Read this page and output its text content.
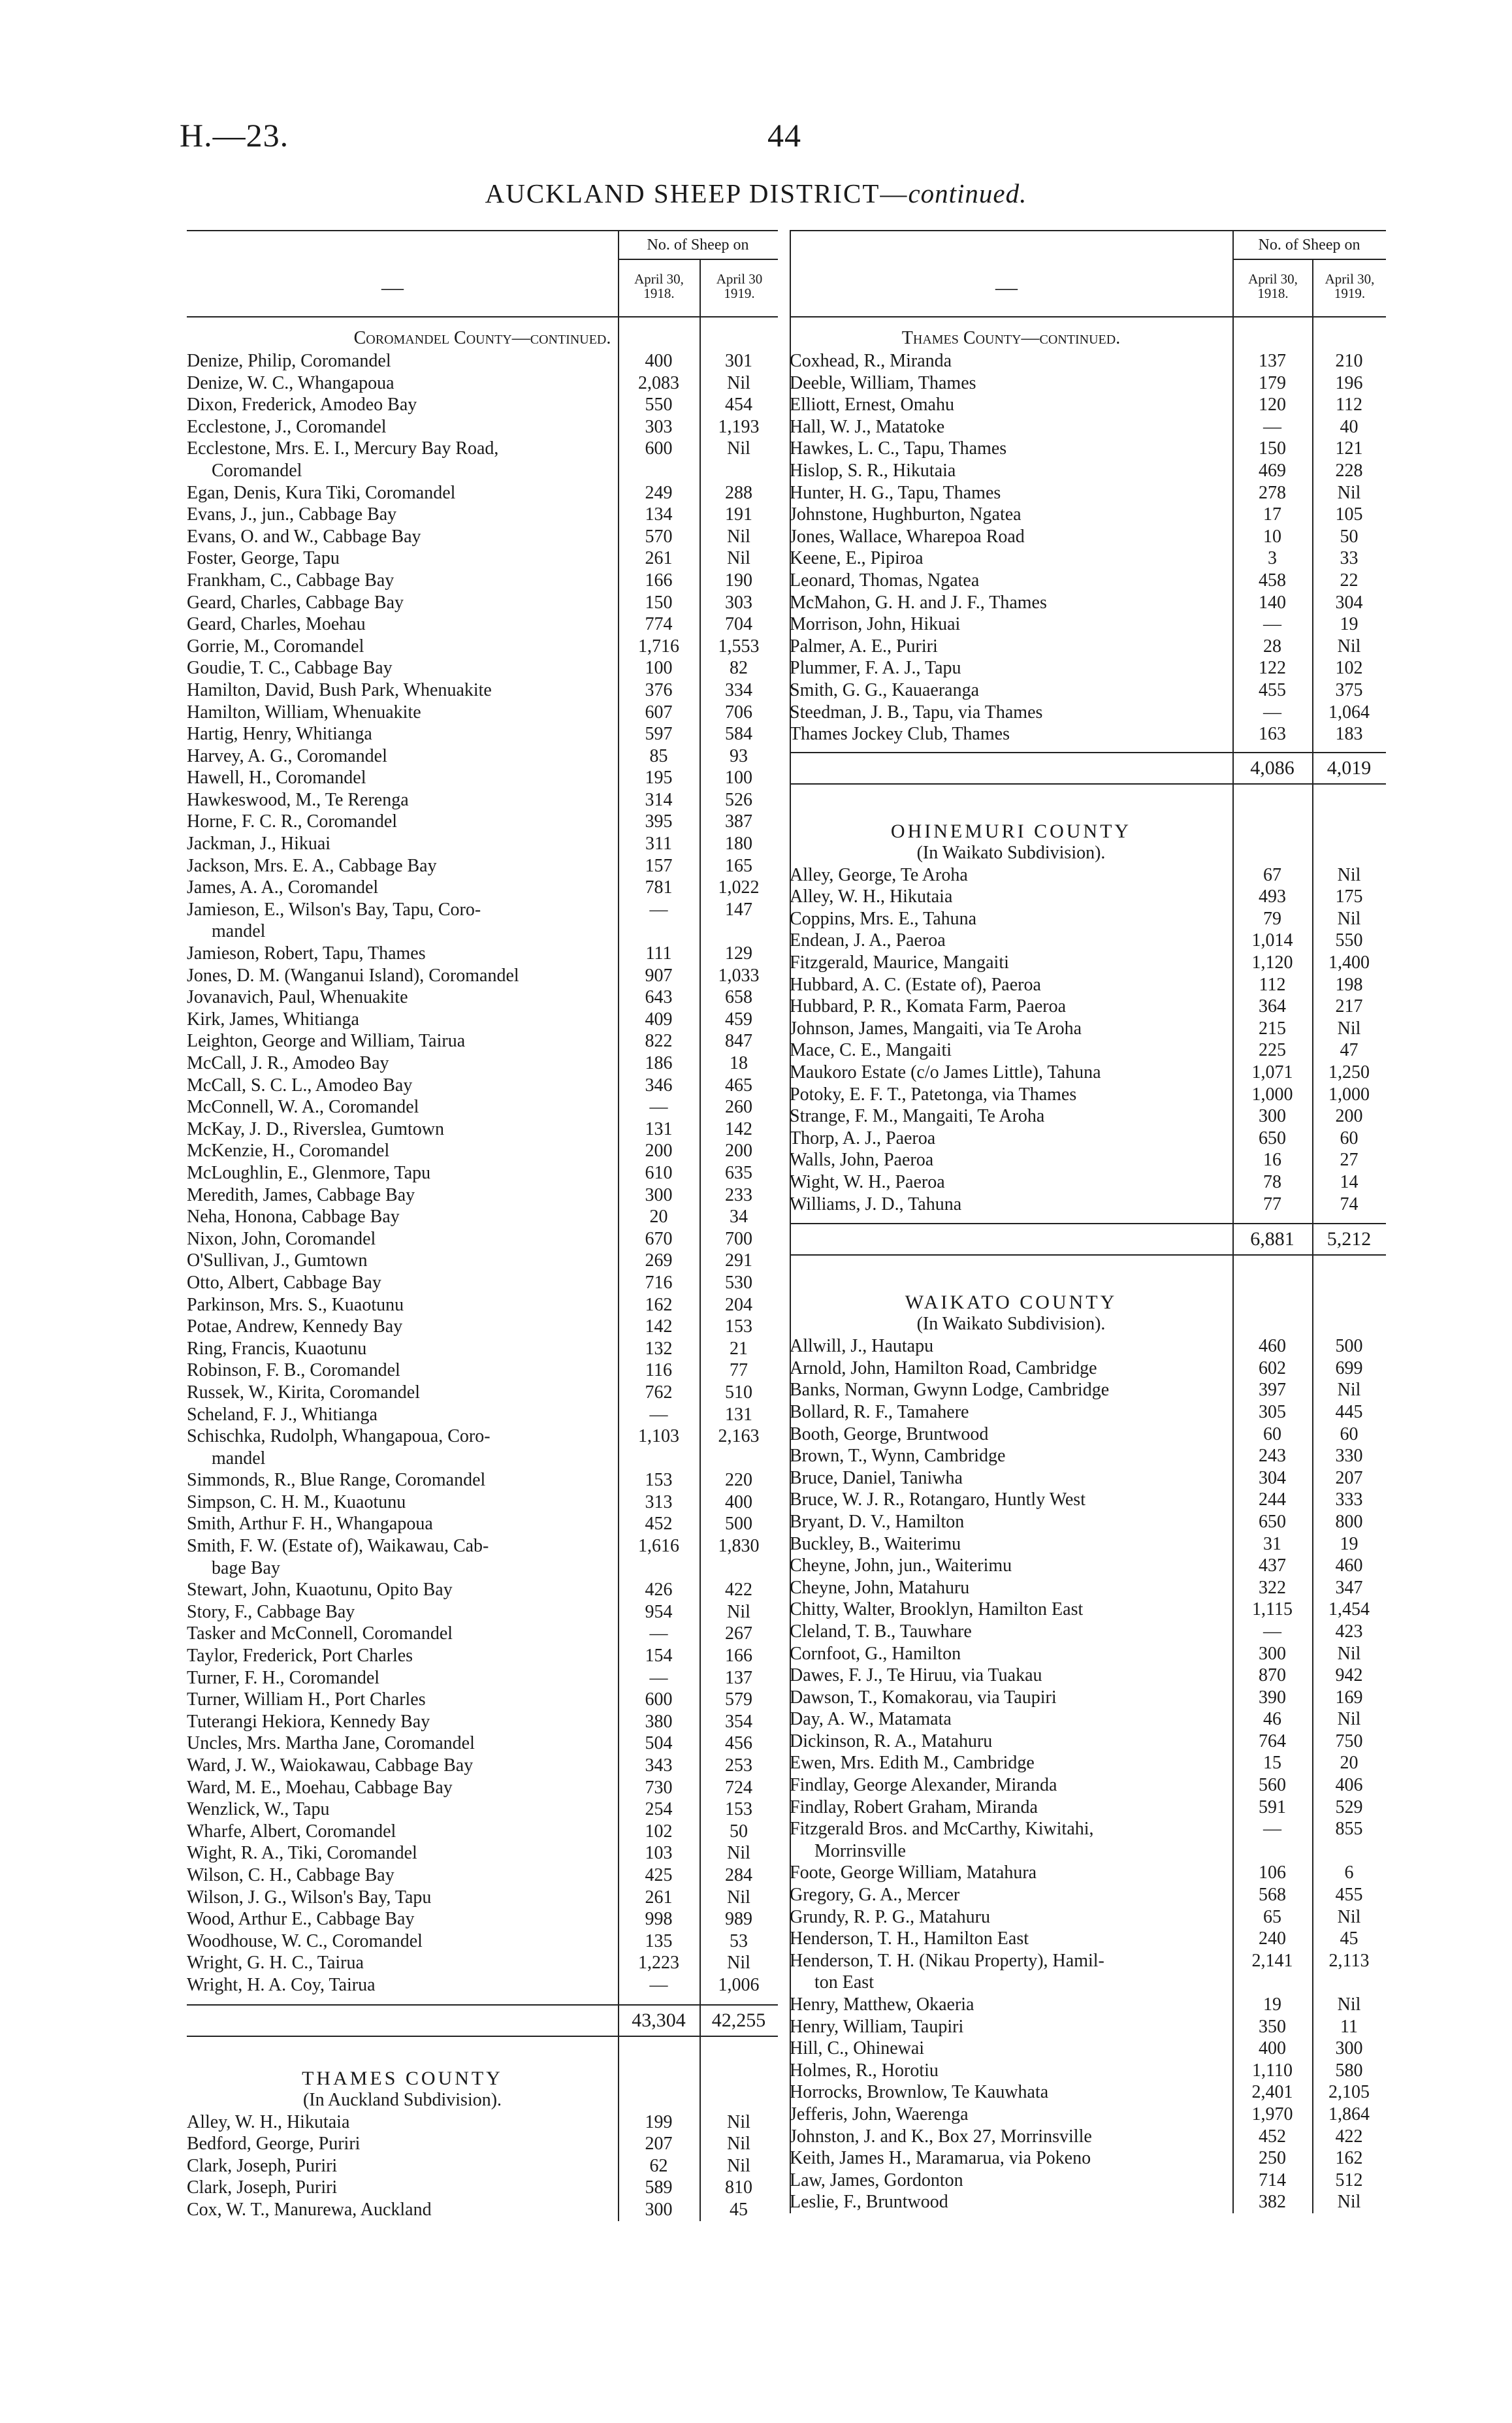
H.—23.	44
AUCKLAND SHEEP DISTRICT—continued.
—
No. of Sheep on
April 30, 1918.
April 30 1919.
Coromandel County—continued.
Denize, Philip, Coromandel	400	301
Denize, W. C., Whangapoua	2,083	Nil
Dixon, Frederick, Amodeo Bay	550	454
Ecclestone, J., Coromandel	303	1,193
Ecclestone, Mrs. E. I., Mercury Bay Road,	600	Nil
Coromandel
Egan, Denis, Kura Tiki, Coromandel	249	288
Evans, J., jun., Cabbage Bay	134	191
Evans, O. and W., Cabbage Bay	570	Nil
Foster, George, Tapu	261	Nil
Frankham, C., Cabbage Bay	166	190
Geard, Charles, Cabbage Bay	150	303
Geard, Charles, Moehau	774	704
Gorrie, M., Coromandel	1,716	1,553
Goudie, T. C., Cabbage Bay	100	82
Hamilton, David, Bush Park, Whenuakite	376	334
Hamilton, William, Whenuakite	607	706
Hartig, Henry, Whitianga	597	584
Harvey, A. G., Coromandel	85	93
Hawell, H., Coromandel	195	100
Hawkeswood, M., Te Rerenga	314	526
Horne, F. C. R., Coromandel	395	387
Jackman, J., Hikuai	311	180
Jackson, Mrs. E. A., Cabbage Bay	157	165
James, A. A., Coromandel	781	1,022
Jamieson, E., Wilson's Bay, Tapu, Coro-	—	147
mandel
Jamieson, Robert, Tapu, Thames	111	129
Jones, D. M. (Wanganui Island), Coromandel	907	1,033
Jovanavich, Paul, Whenuakite	643	658
Kirk, James, Whitianga	409	459
Leighton, George and William, Tairua	822	847
McCall, J. R., Amodeo Bay	186	18
McCall, S. C. L., Amodeo Bay	346	465
McConnell, W. A., Coromandel	—	260
McKay, J. D., Riverslea, Gumtown	131	142
McKenzie, H., Coromandel	200	200
McLoughlin, E., Glenmore, Tapu	610	635
Meredith, James, Cabbage Bay	300	233
Neha, Honona, Cabbage Bay	20	34
Nixon, John, Coromandel	670	700
O'Sullivan, J., Gumtown	269	291
Otto, Albert, Cabbage Bay	716	530
Parkinson, Mrs. S., Kuaotunu	162	204
Potae, Andrew, Kennedy Bay	142	153
Ring, Francis, Kuaotunu	132	21
Robinson, F. B., Coromandel	116	77
Russek, W., Kirita, Coromandel	762	510
Scheland, F. J., Whitianga	—	131
Schischka, Rudolph, Whangapoua, Coro-	1,103	2,163
mandel
Simmonds, R., Blue Range, Coromandel	153	220
Simpson, C. H. M., Kuaotunu	313	400
Smith, Arthur F. H., Whangapoua	452	500
Smith, F. W. (Estate of), Waikawau, Cab-	1,616	1,830
bage Bay
Stewart, John, Kuaotunu, Opito Bay	426	422
Story, F., Cabbage Bay	954	Nil
Tasker and McConnell, Coromandel	—	267
Taylor, Frederick, Port Charles	154	166
Turner, F. H., Coromandel	—	137
Turner, William H., Port Charles	600	579
Tuterangi Hekiora, Kennedy Bay	380	354
Uncles, Mrs. Martha Jane, Coromandel	504	456
Ward, J. W., Waiokawau, Cabbage Bay	343	253
Ward, M. E., Moehau, Cabbage Bay	730	724
Wenzlick, W., Tapu	254	153
Wharfe, Albert, Coromandel	102	50
Wight, R. A., Tiki, Coromandel	103	Nil
Wilson, C. H., Cabbage Bay	425	284
Wilson, J. G., Wilson's Bay, Tapu	261	Nil
Wood, Arthur E., Cabbage Bay	998	989
Woodhouse, W. C., Coromandel	135	53
Wright, G. H. C., Tairua	1,223	Nil
Wright, H. A. Coy, Tairua	—	1,006
43,304	42,255
THAMES COUNTY
(In Auckland Subdivision).
Alley, W. H., Hikutaia	199	Nil
Bedford, George, Puriri	207	Nil
Clark, Joseph, Puriri	62	Nil
Clark, Joseph, Puriri	589	810
Cox, W. T., Manurewa, Auckland	300	45
—
No. of Sheep on
April 30, 1918.
April 30, 1919.
Thames County—continued.
Coxhead, R., Miranda	137	210
Deeble, William, Thames	179	196
Elliott, Ernest, Omahu	120	112
Hall, W. J., Matatoke	—	40
Hawkes, L. C., Tapu, Thames	150	121
Hislop, S. R., Hikutaia	469	228
Hunter, H. G., Tapu, Thames	278	Nil
Johnstone, Hughburton, Ngatea	17	105
Jones, Wallace, Wharepoa Road	10	50
Keene, E., Pipiroa	3	33
Leonard, Thomas, Ngatea	458	22
McMahon, G. H. and J. F., Thames	140	304
Morrison, John, Hikuai	—	19
Palmer, A. E., Puriri	28	Nil
Plummer, F. A. J., Tapu	122	102
Smith, G. G., Kauaeranga	455	375
Steedman, J. B., Tapu, via Thames	—	1,064
Thames Jockey Club, Thames	163	183
4,086	4,019
OHINEMURI COUNTY
(In Waikato Subdivision).
Alley, George, Te Aroha	67	Nil
Alley, W. H., Hikutaia	493	175
Coppins, Mrs. E., Tahuna	79	Nil
Endean, J. A., Paeroa	1,014	550
Fitzgerald, Maurice, Mangaiti	1,120	1,400
Hubbard, A. C. (Estate of), Paeroa	112	198
Hubbard, P. R., Komata Farm, Paeroa	364	217
Johnson, James, Mangaiti, via Te Aroha	215	Nil
Mace, C. E., Mangaiti	225	47
Maukoro Estate (c/o James Little), Tahuna	1,071	1,250
Potoky, E. F. T., Patetonga, via Thames	1,000	1,000
Strange, F. M., Mangaiti, Te Aroha	300	200
Thorp, A. J., Paeroa	650	60
Walls, John, Paeroa	16	27
Wight, W. H., Paeroa	78	14
Williams, J. D., Tahuna	77	74
6,881	5,212
WAIKATO COUNTY
(In Waikato Subdivision).
Allwill, J., Hautapu	460	500
Arnold, John, Hamilton Road, Cambridge	602	699
Banks, Norman, Gwynn Lodge, Cambridge	397	Nil
Bollard, R. F., Tamahere	305	445
Booth, George, Bruntwood	60	60
Brown, T., Wynn, Cambridge	243	330
Bruce, Daniel, Taniwha	304	207
Bruce, W. J. R., Rotangaro, Huntly West	244	333
Bryant, D. V., Hamilton	650	800
Buckley, B., Waiterimu	31	19
Cheyne, John, jun., Waiterimu	437	460
Cheyne, John, Matahuru	322	347
Chitty, Walter, Brooklyn, Hamilton East	1,115	1,454
Cleland, T. B., Tauwhare	—	423
Cornfoot, G., Hamilton	300	Nil
Dawes, F. J., Te Hiruu, via Tuakau	870	942
Dawson, T., Komakorau, via Taupiri	390	169
Day, A. W., Matamata	46	Nil
Dickinson, R. A., Matahuru	764	750
Ewen, Mrs. Edith M., Cambridge	15	20
Findlay, George Alexander, Miranda	560	406
Findlay, Robert Graham, Miranda	591	529
Fitzgerald Bros. and McCarthy, Kiwitahi,	—	855
Morrinsville
Foote, George William, Matahura	106	6
Gregory, G. A., Mercer	568	455
Grundy, R. P. G., Matahuru	65	Nil
Henderson, T. H., Hamilton East	240	45
Henderson, T. H. (Nikau Property), Hamil-	2,141	2,113
ton East
Henry, Matthew, Okaeria	19	Nil
Henry, William, Taupiri	350	11
Hill, C., Ohinewai	400	300
Holmes, R., Horotiu	1,110	580
Horrocks, Brownlow, Te Kauwhata	2,401	2,105
Jefferis, John, Waerenga	1,970	1,864
Johnston, J. and K., Box 27, Morrinsville	452	422
Keith, James H., Maramarua, via Pokeno	250	162
Law, James, Gordonton	714	512
Leslie, F., Bruntwood	382	Nil
